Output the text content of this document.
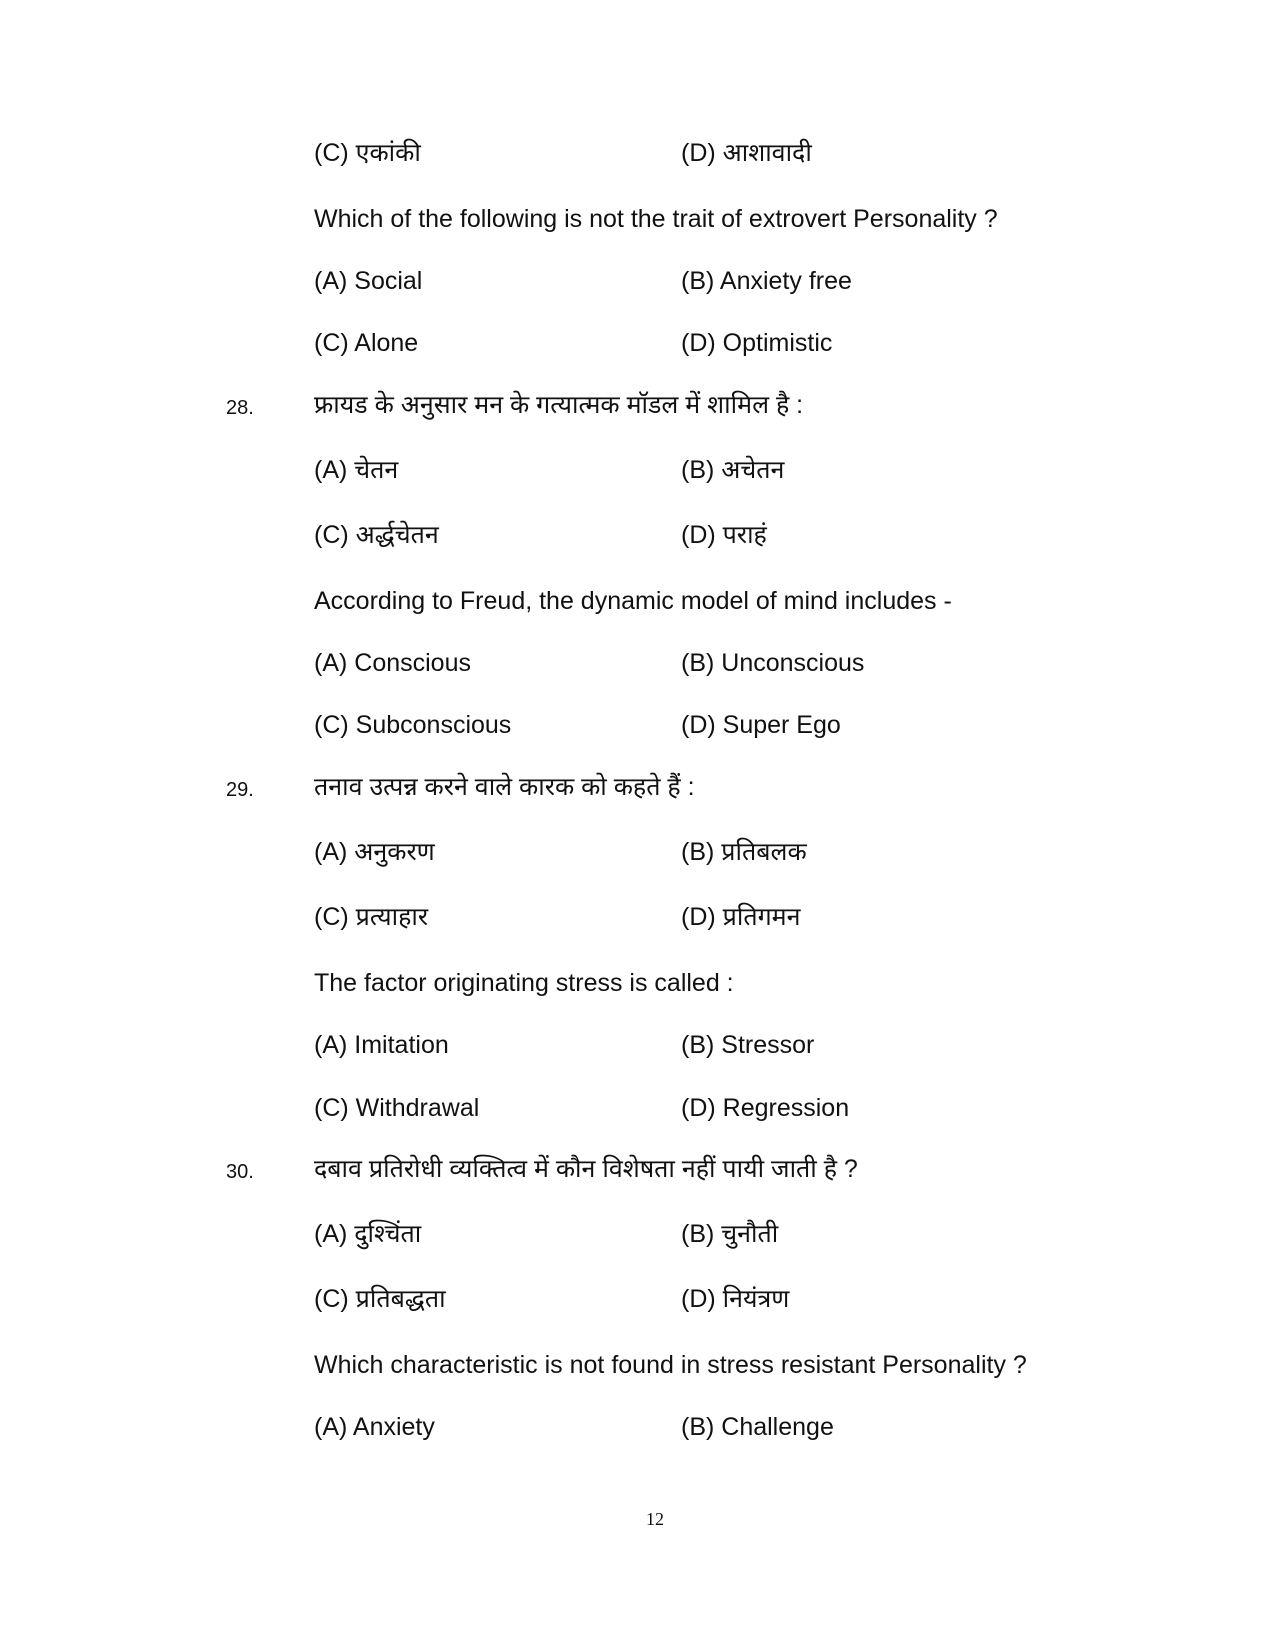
(C) एकांकी	(D) आशावादी
Which of the following is not the trait of extrovert Personality ?
(A) Social	(B) Anxiety free
(C) Alone	(D) Optimistic
28. फ्रायड के अनुसार मन के गत्यात्मक मॉडल में शामिल है :
(A) चेतन	(B) अचेतन
(C) अर्द्धचेतन	(D) पराहं
According to Freud, the dynamic model of mind includes -
(A) Conscious	(B) Unconscious
(C) Subconscious	(D) Super Ego
29. तनाव उत्पन्न करने वाले कारक को कहते हैं :
(A) अनुकरण	(B) प्रतिबलक
(C) प्रत्याहार	(D) प्रतिगमन
The factor originating stress is called :
(A) Imitation	(B) Stressor
(C) Withdrawal	(D) Regression
30. दबाव प्रतिरोधी व्यक्तित्व में कौन विशेषता नहीं पायी जाती है ?
(A) दुश्चिंता	(B) चुनौती
(C) प्रतिबद्धता	(D) नियंत्रण
Which characteristic is not found in stress resistant Personality ?
(A) Anxiety	(B) Challenge
12
